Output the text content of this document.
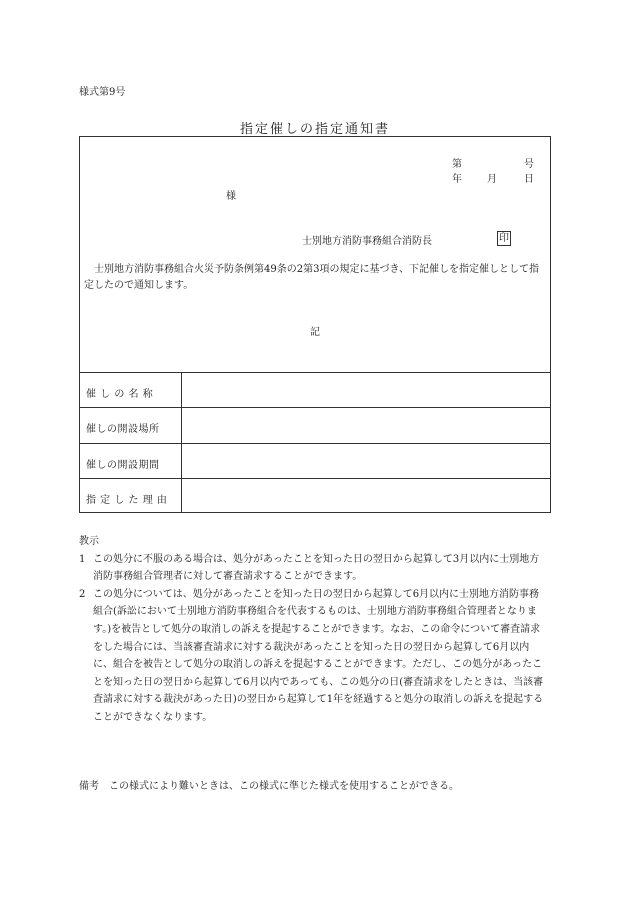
様式第9号
指定催しの指定通知書
催 し の 名 称
催しの開設場所
催しの開設期間
指 定 し た 理 由
第	号
年	月	日
様
士別地方消防事務組合消防長	印
士別地方消防事務組合火災予防条例第49条の2第3項の規定に基づき、下記催しを指定催しとして指定したので通知します。
記
教示
1 この処分に不服のある場合は、処分があったことを知った日の翌日から起算して3月以内に士別地方消防事務組合管理者に対して審査請求することができます。
2 この処分については、処分があったことを知った日の翌日から起算して6月以内に士別地方消防事務組合(訴訟において士別地方消防事務組合を代表するものは、士別地方消防事務組合管理者となります。)を被告として処分の取消しの訴えを提起することができます。なお、この命令について審査請求をした場合には、当該審査請求に対する裁決があったことを知った日の翌日から起算して6月以内に、組合を被告として処分の取消しの訴えを提起することができます。ただし、この処分があったことを知った日の翌日から起算して6月以内であっても、この処分の日(審査請求をしたときは、当該審査請求に対する裁決があった日)の翌日から起算して1年を経過すると処分の取消しの訴えを提起することができなくなります。
備考　この様式により難いときは、この様式に準じた様式を使用することができる。
